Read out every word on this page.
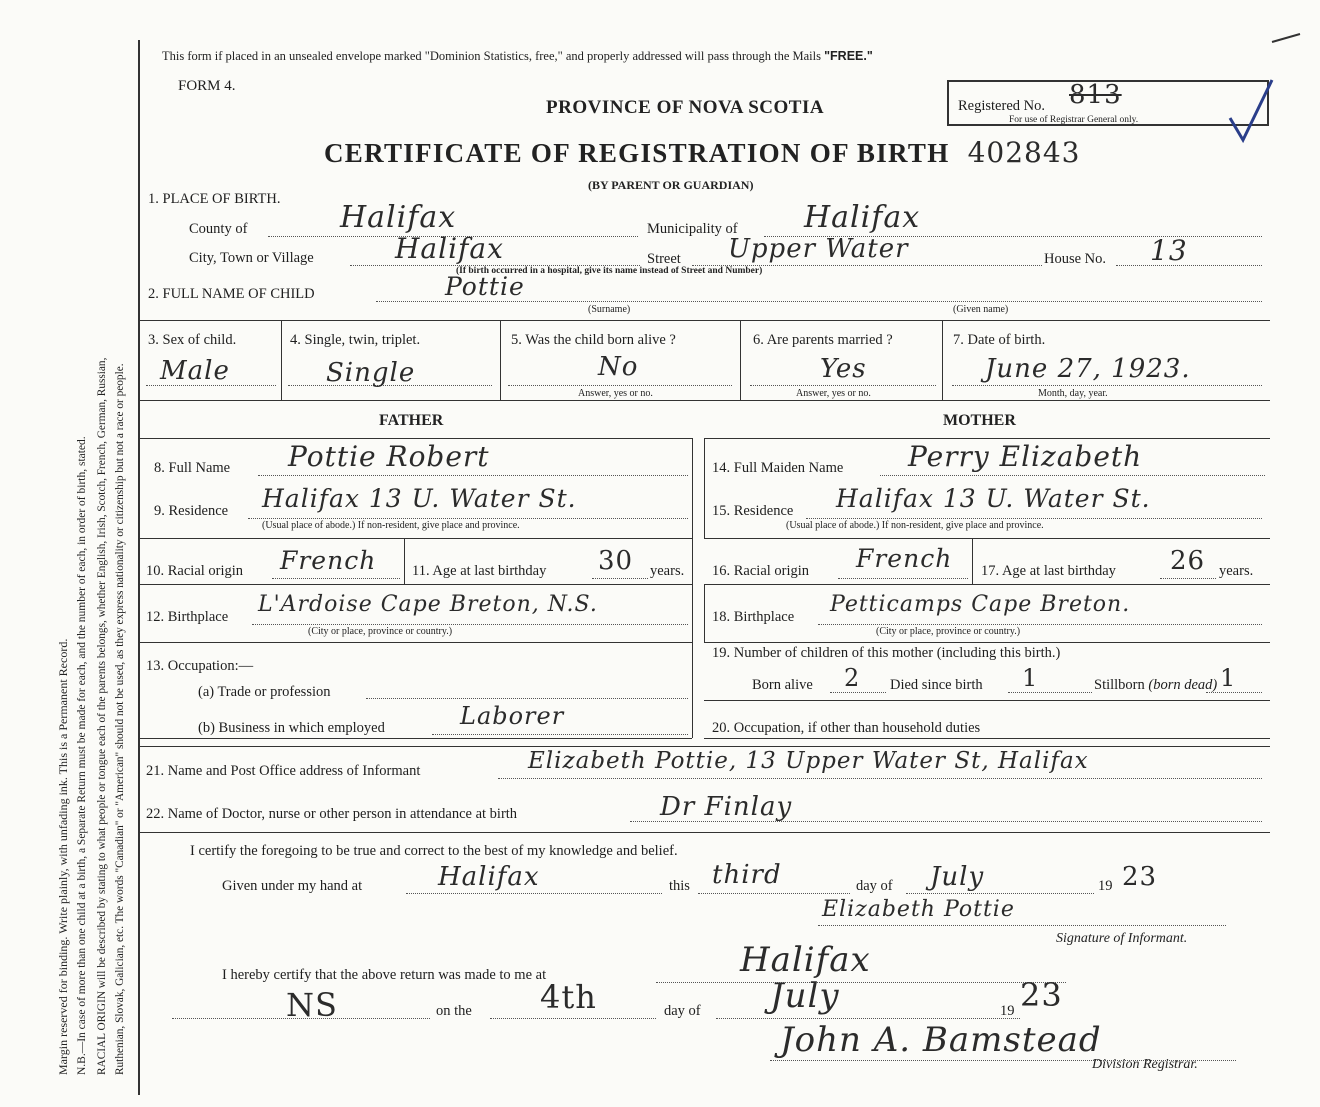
Margin reserved for binding. Write plainly, with unfading ink. This is a Permanent Record. N.B.—In case of more than one child at a birth, a Separate Return must be made for each, and the number of each, in order of birth, stated. RACIAL ORIGIN will be described by stating to what people or tongue each of the parents belongs, whether English, Irish, Scotch, French, German, Russian, Ruthenian, Slovak, Galician, etc. The words "Canadian" or "American" should not be used, as they express nationality or citizenship but not a race or people.
This form if placed in an unsealed envelope marked "Dominion Statistics, free," and properly addressed will pass through the Mails "FREE."
FORM 4.
PROVINCE OF NOVA SCOTIA	Registered No. 813
For use of Registrar General only.
CERTIFICATE OF REGISTRATION OF BIRTH 402843
(BY PARENT OR GUARDIAN)
1. PLACE OF BIRTH.
County of	Halifax	Municipality of Halifax
City, Town or Village	Halifax	Street Upper Water	House No. 13
(If birth occurred in a hospital, give its name instead of Street and Number)
2. FULL NAME OF CHILD	Pottie
(Surname)	(Given name)
3. Sex of child.
Male
4. Single, twin, triplet.
Single
5. Was the child born alive ?
No
Answer, yes or no.
6. Are parents married ?
Yes
Answer, yes or no.
7. Date of birth.
June 27, 1923.
Month, day, year.
FATHER	MOTHER
8. Full Name Pottie Robert	14. Full Maiden Name Perry Elizabeth
9. Residence Halifax 13 U. Water St.
(Usual place of abode.) If non-resident, give place and province.
15. Residence Halifax 13 U. Water St.
(Usual place of abode.) If non-resident, give place and province.
10. Racial origin French 11. Age at last birthday 30 years. 16. Racial origin French 17. Age at last birthday 26 years.
12. Birthplace L'Ardoise Cape Breton, N.S.
(City or place, province or country.)
18. Birthplace Petticamps Cape Breton.
(City or place, province or country.)
13. Occupation:—
(a) Trade or profession
(b) Business in which employed	Laborer
19. Number of children of this mother (including this birth.)
Born alive 2 Died since birth 1	Stillborn (born dead) 1
20. Occupation, if other than household duties
21. Name and Post Office address of Informant	Elizabeth Pottie, 13 Upper Water St, Halifax
22. Name of Doctor, nurse or other person in attendance at birth	Dr Finlay
I certify the foregoing to be true and correct to the best of my knowledge and belief.
Given under my hand at	Halifax	this third	day of July	19 23
Elizabeth Pottie
Signature of Informant.
I hereby certify that the above return was made to me at	Halifax
NS	on the 4th	day of July	19 23
John A. Bamstead
Division Registrar.
